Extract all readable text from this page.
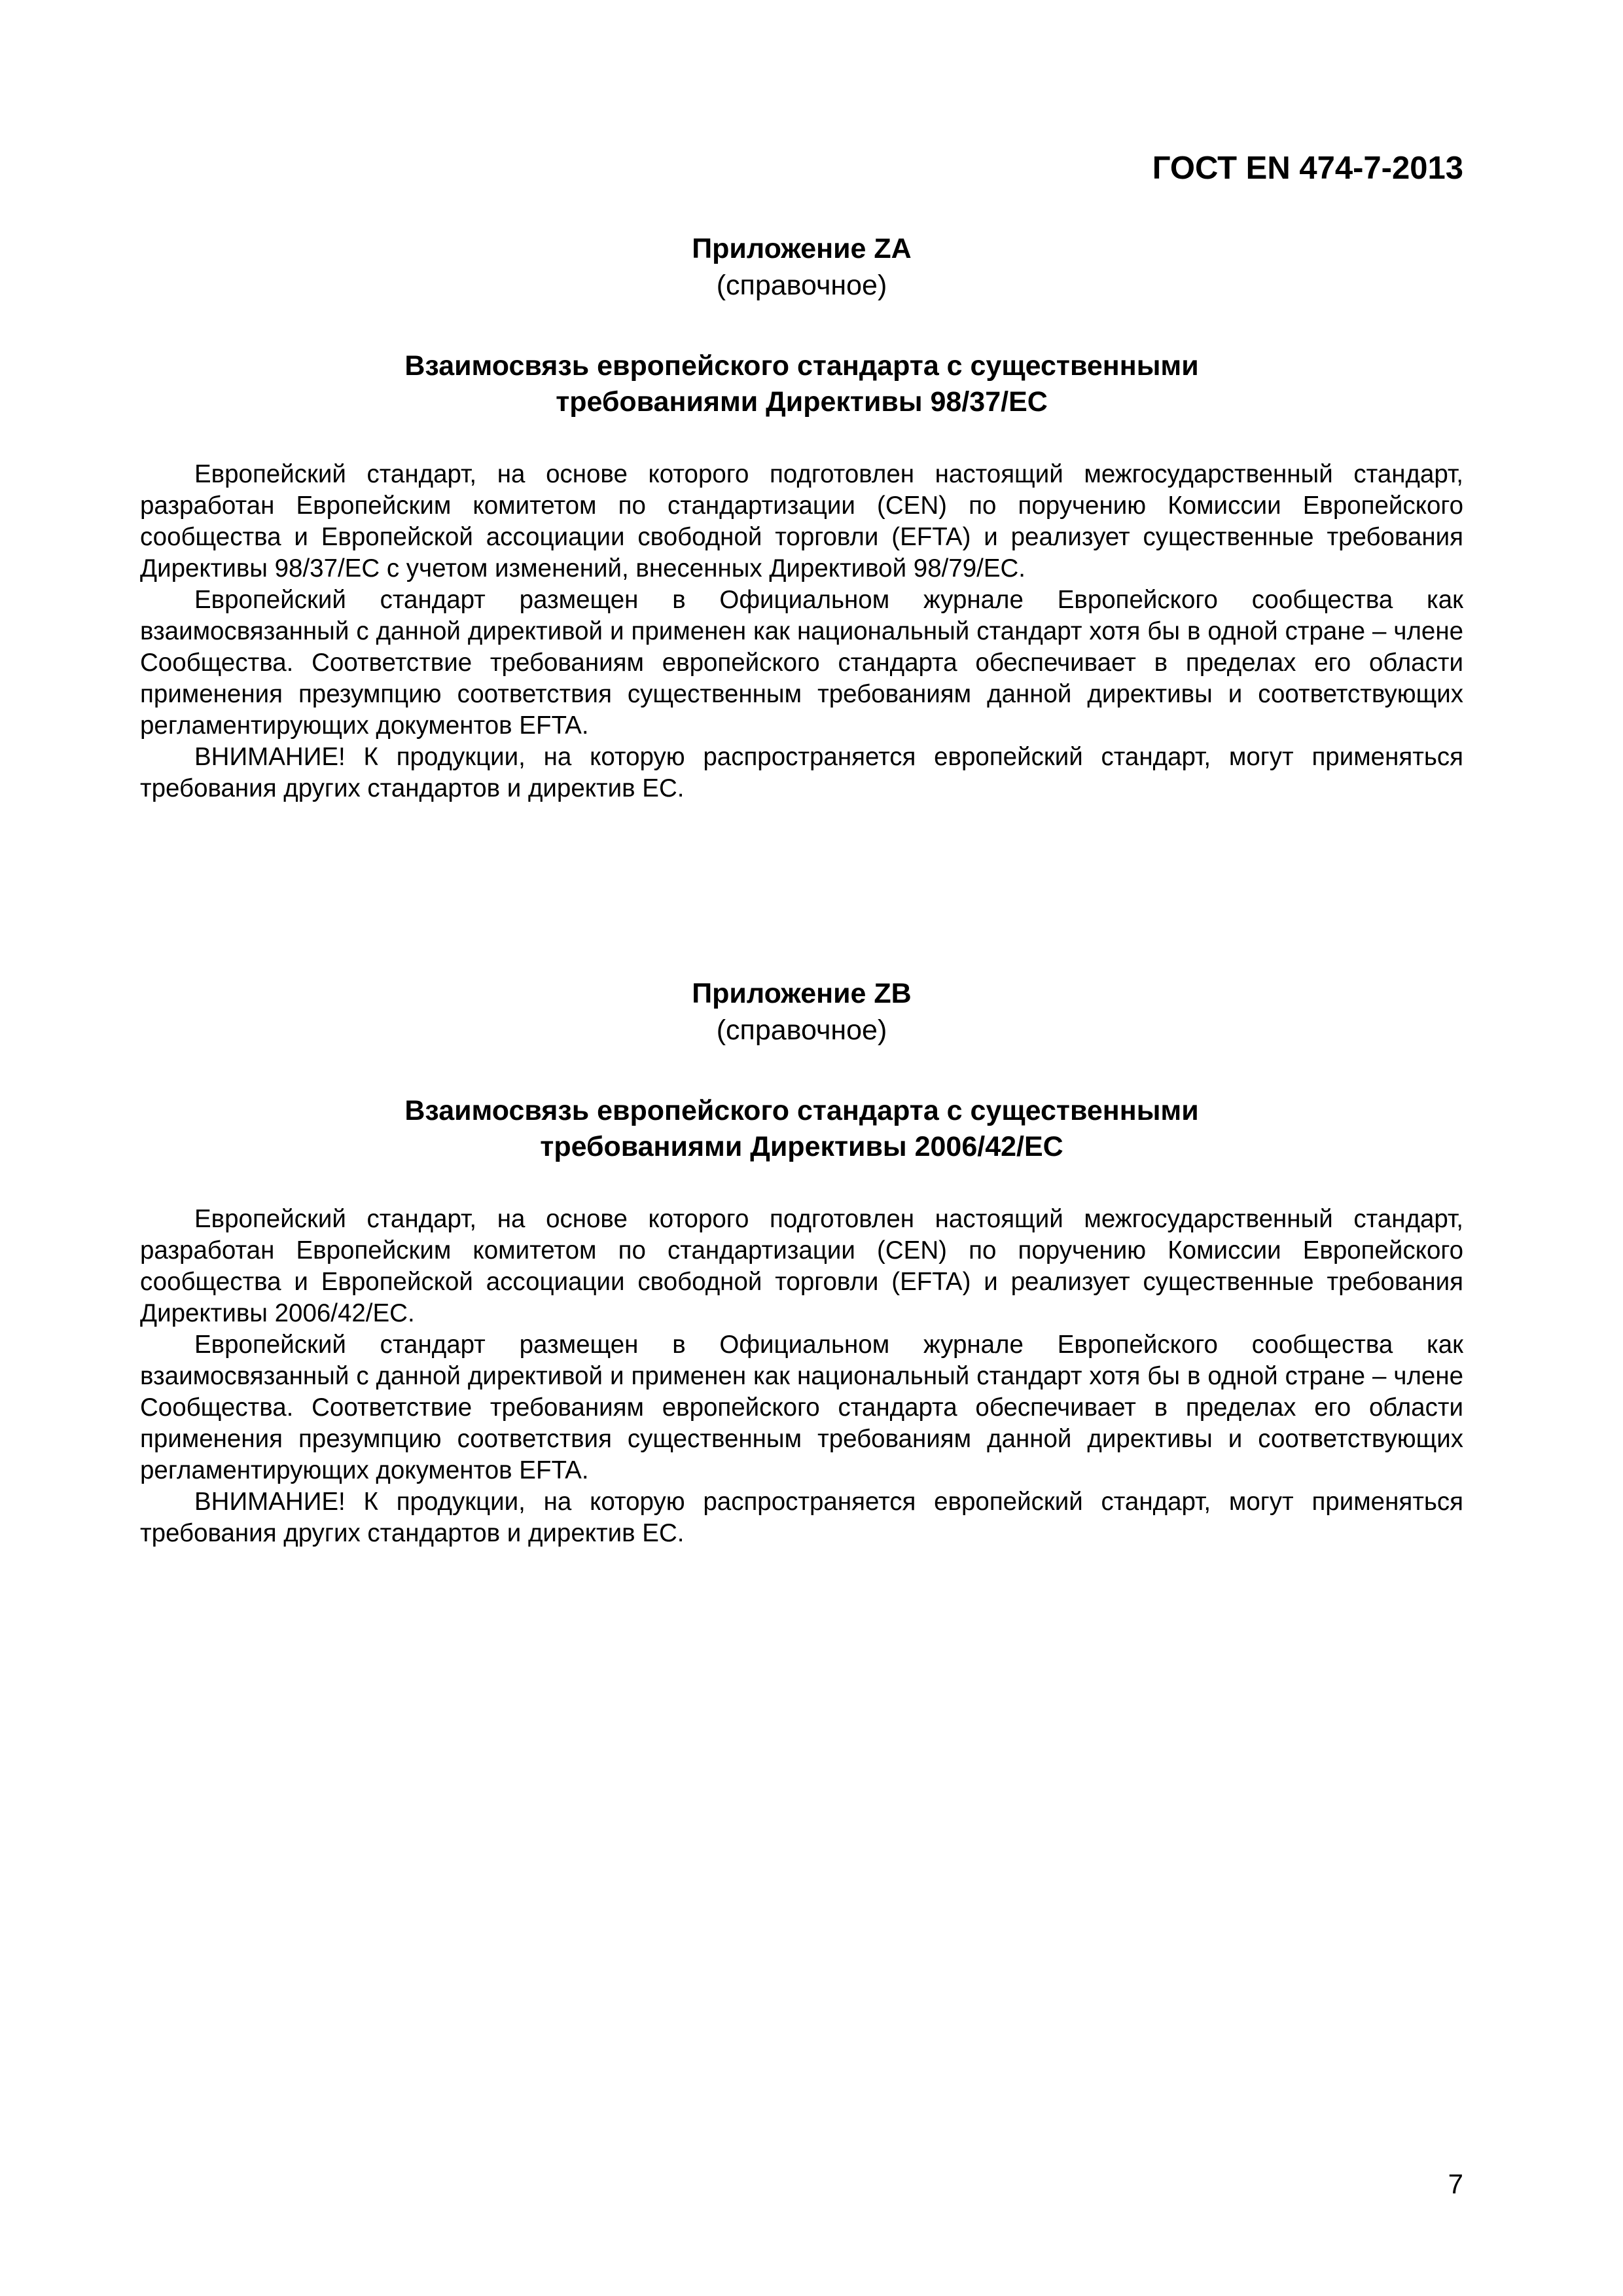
ГОСТ EN 474-7-2013
Приложение ZA
(справочное)
Взаимосвязь европейского стандарта с существенными
требованиями Директивы 98/37/ЕС

Европейский стандарт, на основе которого подготовлен настоящий межгосударственный стандарт, разработан Европейским комитетом по стандартизации (CEN) по поручению Комиссии Европейского сообщества и Европейской ассоциации свободной торговли (EFTA) и реализует существенные требования Директивы 98/37/ЕС с учетом изменений, внесенных Директивой 98/79/ЕС.

Европейский стандарт размещен в Официальном журнале Европейского сообщества как взаимосвязанный с данной директивой и применен как национальный стандарт хотя бы в одной стране – члене Сообщества. Соответствие требованиям европейского стандарта обеспечивает в пределах его области применения презумпцию соответствия существенным требованиям данной директивы и соответствующих регламентирующих документов EFTA.

ВНИМАНИЕ! К продукции, на которую распространяется европейский стандарт, могут применяться требования других стандартов и директив ЕС.

Приложение ZB
(справочное)
Взаимосвязь европейского стандарта с существенными
требованиями Директивы 2006/42/ЕС

Европейский стандарт, на основе которого подготовлен настоящий межгосударственный стандарт, разработан Европейским комитетом по стандартизации (CEN) по поручению Комиссии Европейского сообщества и Европейской ассоциации свободной торговли (EFTA) и реализует существенные требования Директивы 2006/42/ЕС.

Европейский стандарт размещен в Официальном журнале Европейского сообщества как взаимосвязанный с данной директивой и применен как национальный стандарт хотя бы в одной стране – члене Сообщества. Соответствие требованиям европейского стандарта обеспечивает в пределах его области применения презумпцию соответствия существенным требованиям данной директивы и соответствующих регламентирующих документов EFTA.

ВНИМАНИЕ! К продукции, на которую распространяется европейский стандарт, могут применяться требования других стандартов и директив ЕС.

7
